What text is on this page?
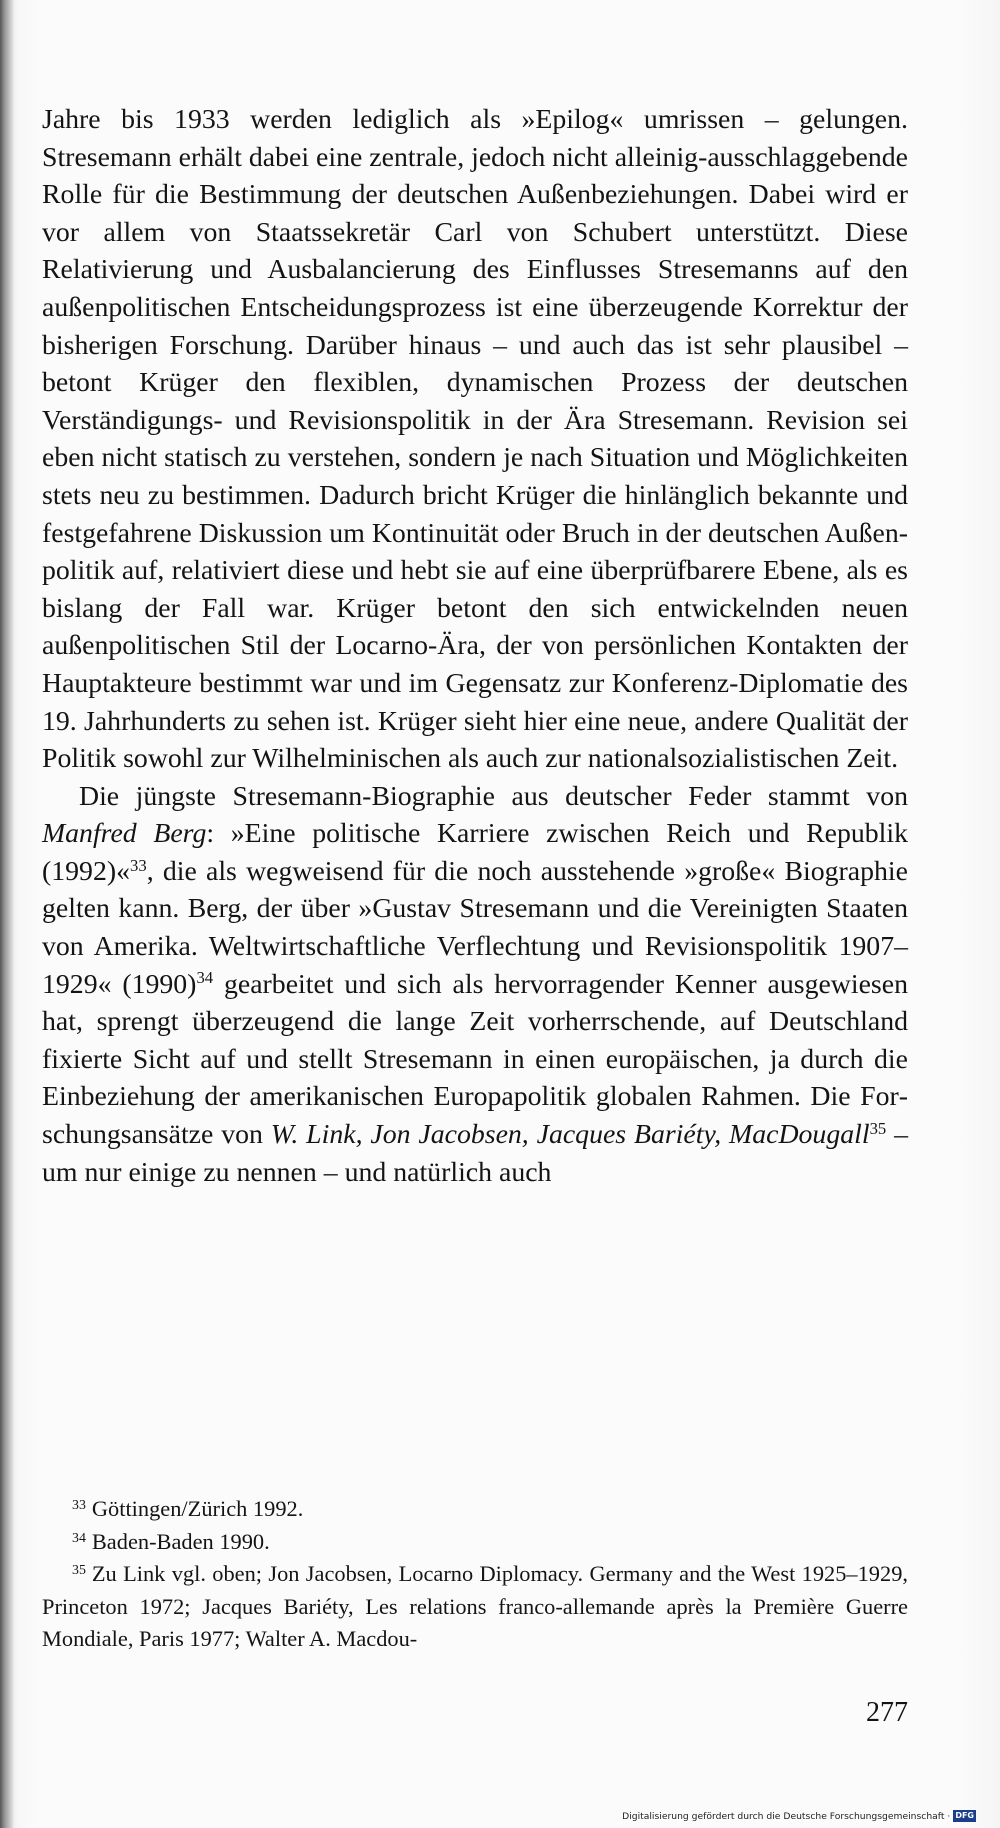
Jahre bis 1933 werden lediglich als »Epilog« umrissen – gelungen. Stresemann erhält dabei eine zentrale, jedoch nicht alleinig-ausschlaggebende Rolle für die Bestimmung der deutschen Außenbeziehungen. Dabei wird er vor allem von Staatssekretär Carl von Schubert unterstützt. Diese Relativierung und Ausbalancierung des Einflusses Stresemanns auf den außenpolitischen Entscheidungsprozess ist eine überzeugende Korrektur der bisherigen Forschung. Darüber hinaus – und auch das ist sehr plausibel – betont Krüger den flexiblen, dynamischen Prozess der deutschen Verständigungs- und Revisionspolitik in der Ära Stresemann. Revision sei eben nicht statisch zu verstehen, sondern je nach Situation und Möglichkeiten stets neu zu bestimmen. Dadurch bricht Krüger die hinlänglich bekannte und festgefahrene Diskussion um Kontinuität oder Bruch in der deutschen Außenpolitik auf, relativiert diese und hebt sie auf eine überprüfbarere Ebene, als es bislang der Fall war. Krüger betont den sich entwickelnden neuen außenpolitischen Stil der Locarno-Ära, der von persönlichen Kontakten der Hauptakteure bestimmt war und im Gegensatz zur Konferenz-Diplomatie des 19. Jahrhunderts zu sehen ist. Krüger sieht hier eine neue, andere Qualität der Politik sowohl zur Wilhelminischen als auch zur nationalsozialistischen Zeit.

Die jüngste Stresemann-Biographie aus deutscher Feder stammt von Manfred Berg: »Eine politische Karriere zwischen Reich und Republik (1992)«$^{33}$, die als wegweisend für die noch ausstehende »große« Biographie gelten kann. Berg, der über »Gustav Stresemann und die Vereinigten Staaten von Amerika. Weltwirtschaftliche Verflechtung und Revisionspolitik 1907–1929« $(1990)^{34}$ gearbeitet und sich als hervorragender Kenner ausgewiesen hat, sprengt überzeugend die lange Zeit vorherrschende, auf Deutschland fixierte Sicht auf und stellt Stresemann in einen europäischen, ja durch die Einbeziehung der amerikanischen Europapolitik globalen Rahmen. Die Forschungsansätze von W. Link, Jon Jacobsen, Jacques Bariéty, MacDougall$^{35}$ – um nur einige zu nennen – und natürlich auch

$^{33}$ Göttingen/Zürich 1992.
$^{34}$ Baden-Baden 1990.
$^{35}$ Zu Link vgl. oben; Jon Jacobsen, Locarno Diplomacy. Germany and the West 1925–1929, Princeton 1972; Jacques Bariéty, Les relations franco-allemande après la Première Guerre Mondiale, Paris 1977; Walter A. Macdou-
277
Digitalisierung gefördert durch die Deutsche Forschungsgemeinschaft · DFG
